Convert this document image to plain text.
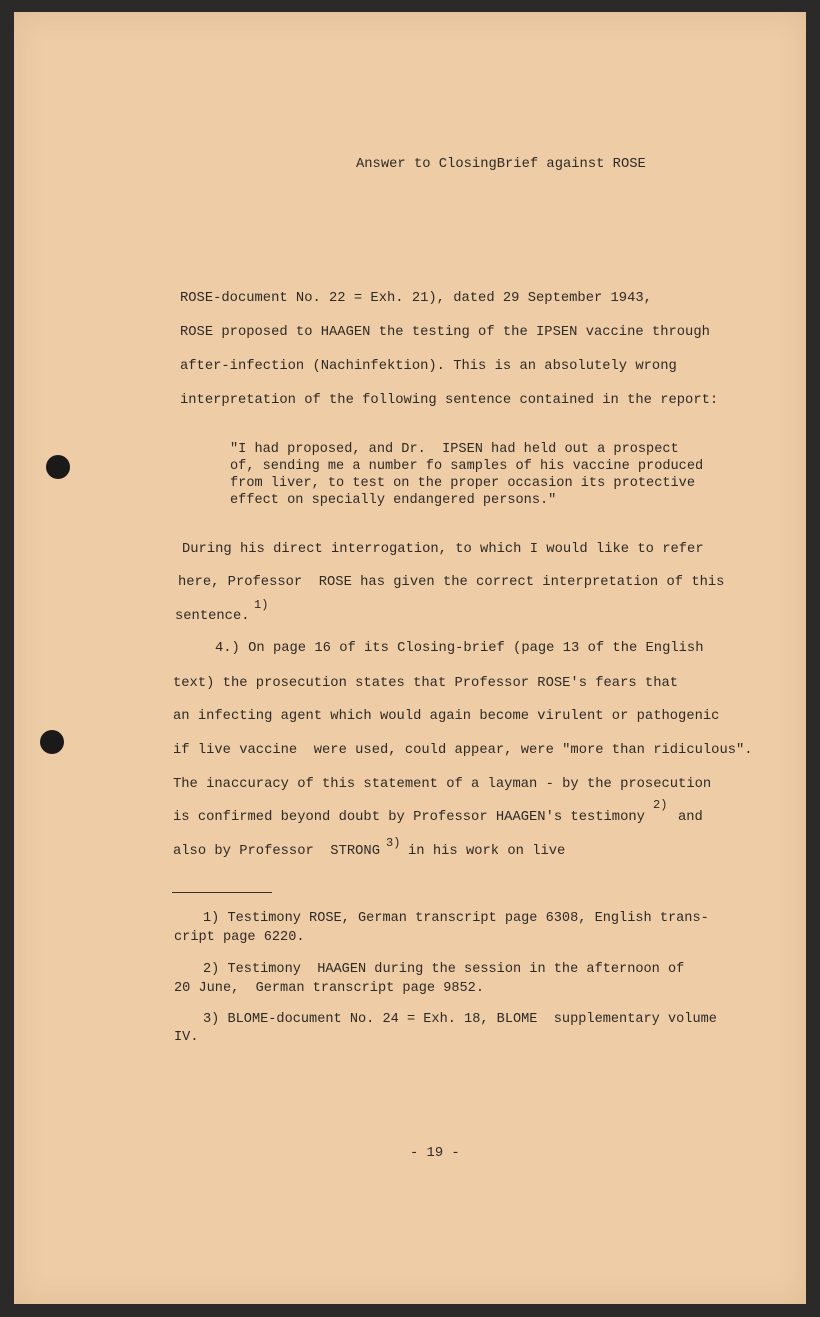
Answer to ClosingBrief against ROSE
ROSE-document No. 22 = Exh. 21), dated 29 September 1943,
ROSE proposed to HAAGEN the testing of the IPSEN vaccine through
after-infection (Nachinfektion). This is an absolutely wrong
interpretation of the following sentence contained in the report:
"I had proposed, and Dr.  IPSEN had held out a prospect
of, sending me a number fo samples of his vaccine produced
from liver, to test on the proper occasion its protective
effect on specially endangered persons."
During his direct interrogation, to which I would like to refer
here, Professor  ROSE has given the correct interpretation of this
sentence.
1)
4.) On page 16 of its Closing-brief (page 13 of the English
text) the prosecution states that Professor ROSE's fears that
an infecting agent which would again become virulent or pathogenic
if live vaccine  were used, could appear, were "more than ridiculous".
The inaccuracy of this statement of a layman - by the prosecution
is confirmed beyond doubt by Professor HAAGEN's testimony
2)
and
also by Professor  STRONG
3)
in his work on live
1) Testimony ROSE, German transcript page 6308, English trans-
cript page 6220.
2) Testimony  HAAGEN during the session in the afternoon of
20 June,  German transcript page 9852.
3) BLOME-document No. 24 = Exh. 18, BLOME  supplementary volume
IV.
- 19 -
